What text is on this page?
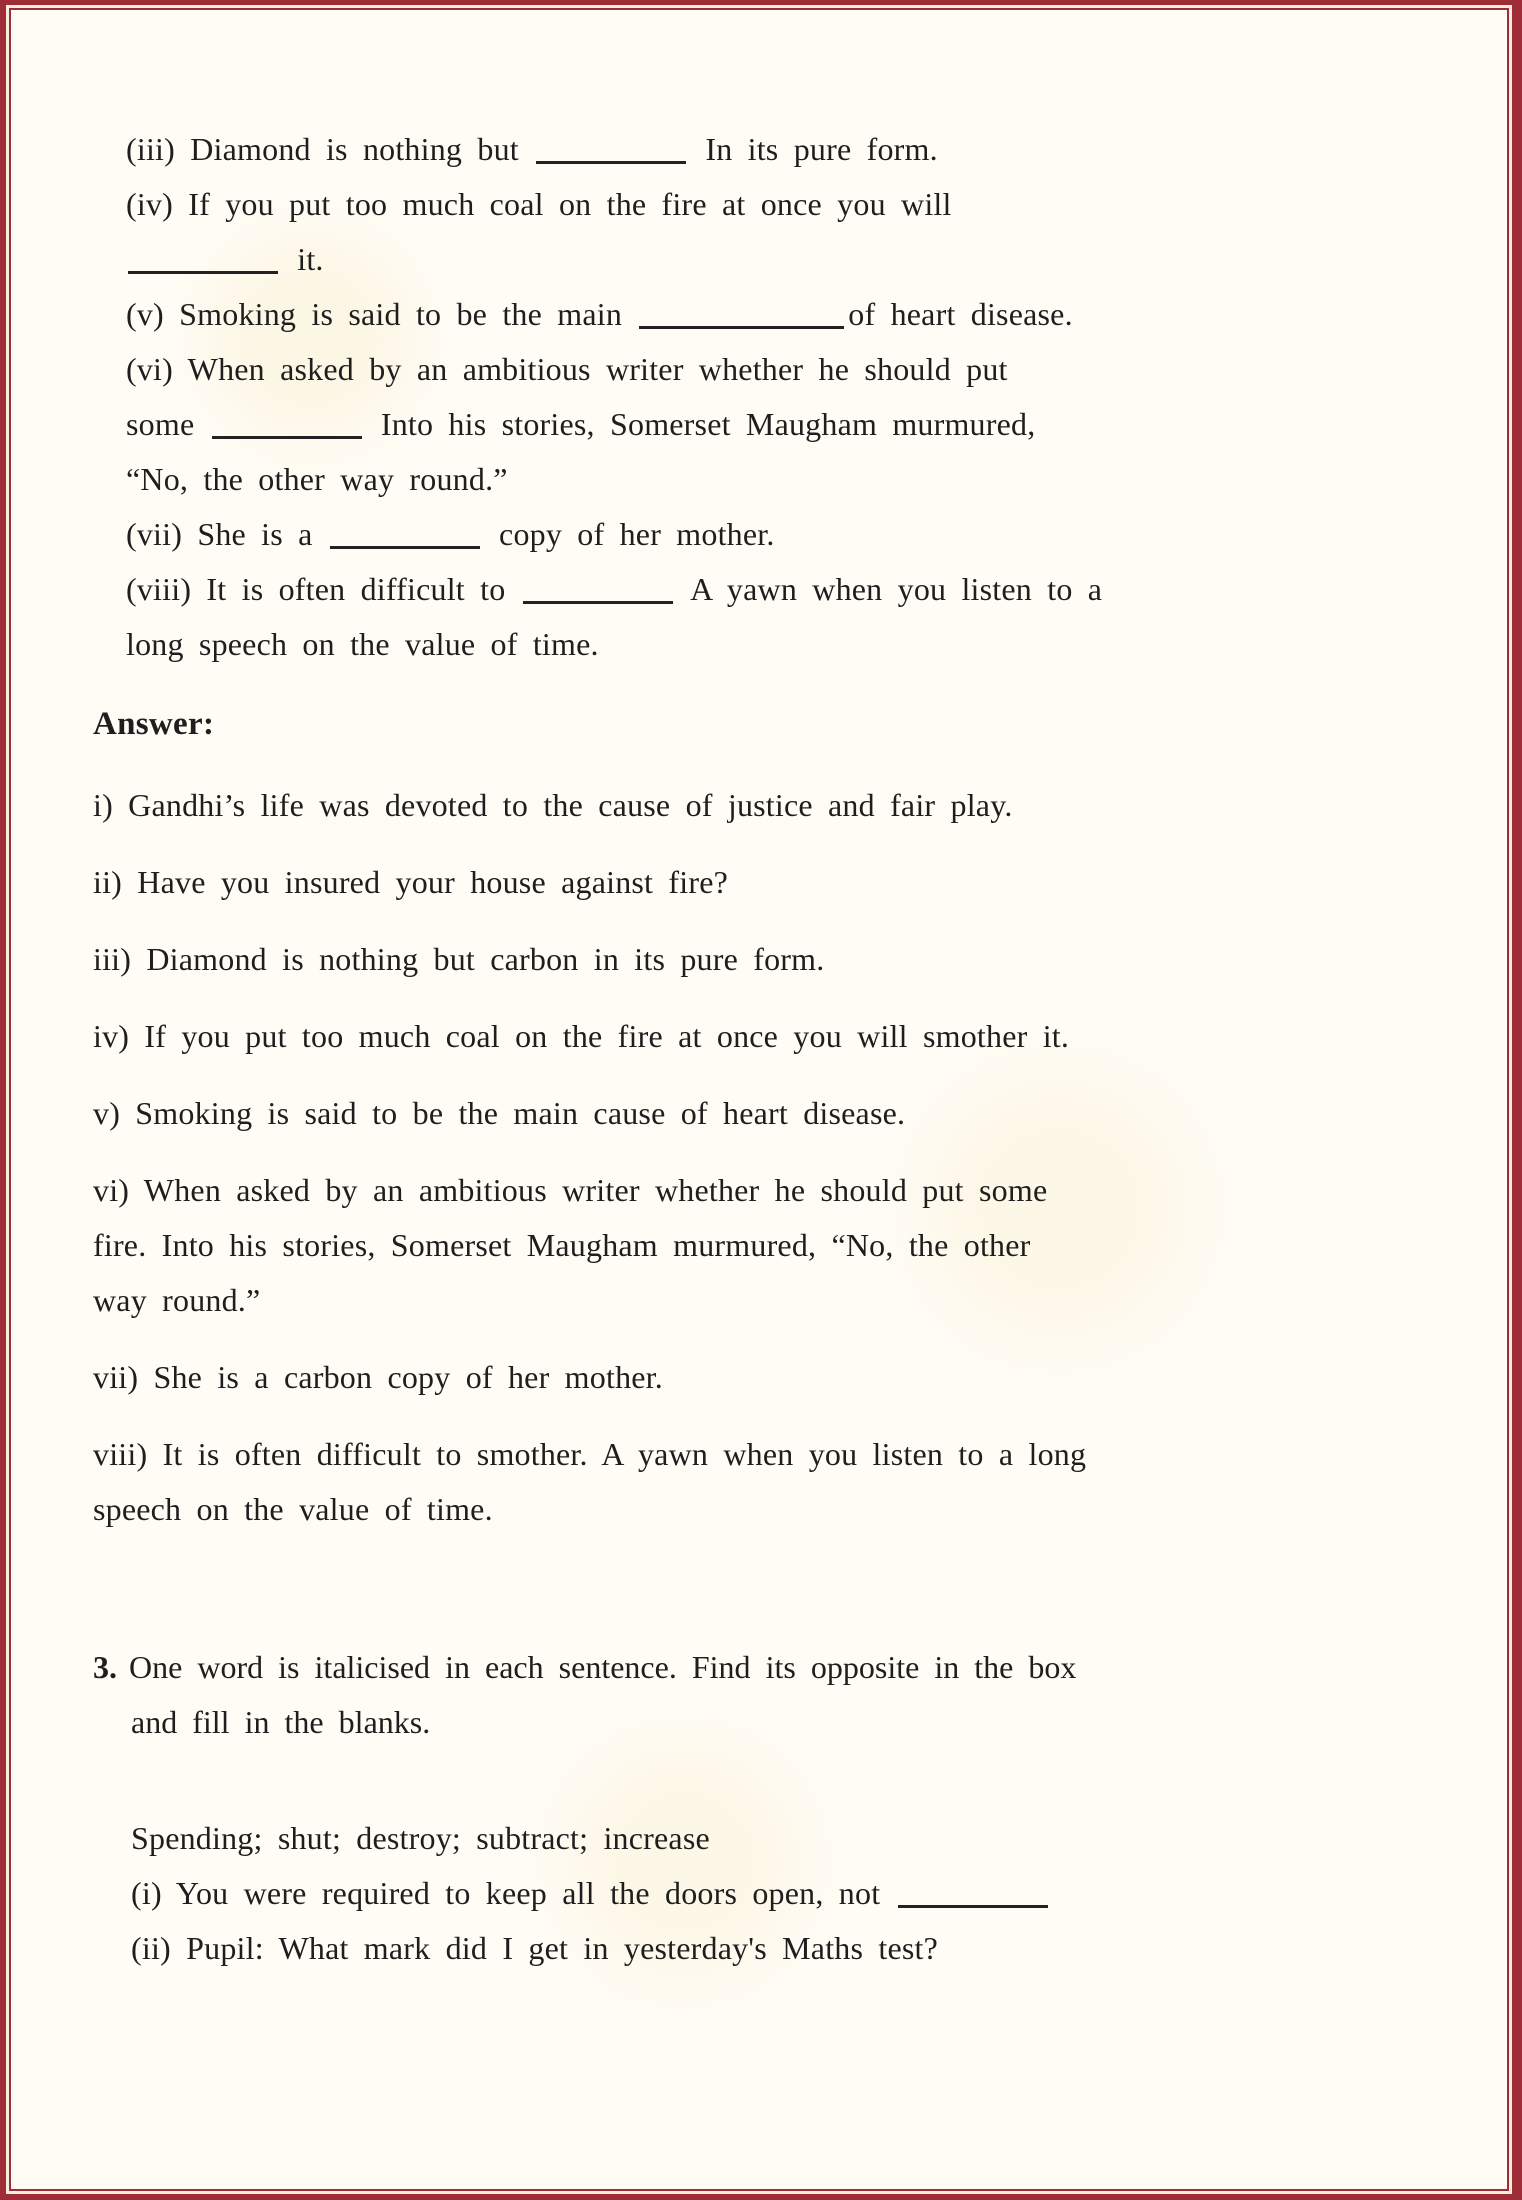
(iii) Diamond is nothing but	In its pure form.

(iv) If you put too much coal on the fire at once you will
it.

(v) Smoking is said to be the main	of heart disease.

(vi) When asked by an ambitious writer whether he should put
some	Into his stories, Somerset Maugham murmured,
“No, the other way round.”

(vii) She is a	copy of her mother.

(viii) It is often difficult to	A yawn when you listen to a
long speech on the value of time.

Answer:

i) Gandhi’s life was devoted to the cause of justice and fair play.

ii) Have you insured your house against fire?

iii) Diamond is nothing but carbon in its pure form.

iv) If you put too much coal on the fire at once you will smother it.

v) Smoking is said to be the main cause of heart disease.

vi) When asked by an ambitious writer whether he should put some
fire. Into his stories, Somerset Maugham murmured, “No, the other
way round.”

vii) She is a carbon copy of her mother.

viii) It is often difficult to smother. A yawn when you listen to a long
speech on the value of time.

3. One word is italicised in each sentence. Find its opposite in the box
and fill in the blanks.

Spending; shut; destroy; subtract; increase

(i) You were required to keep all the doors open, not

(ii) Pupil: What mark did I get in yesterday's Maths test?
